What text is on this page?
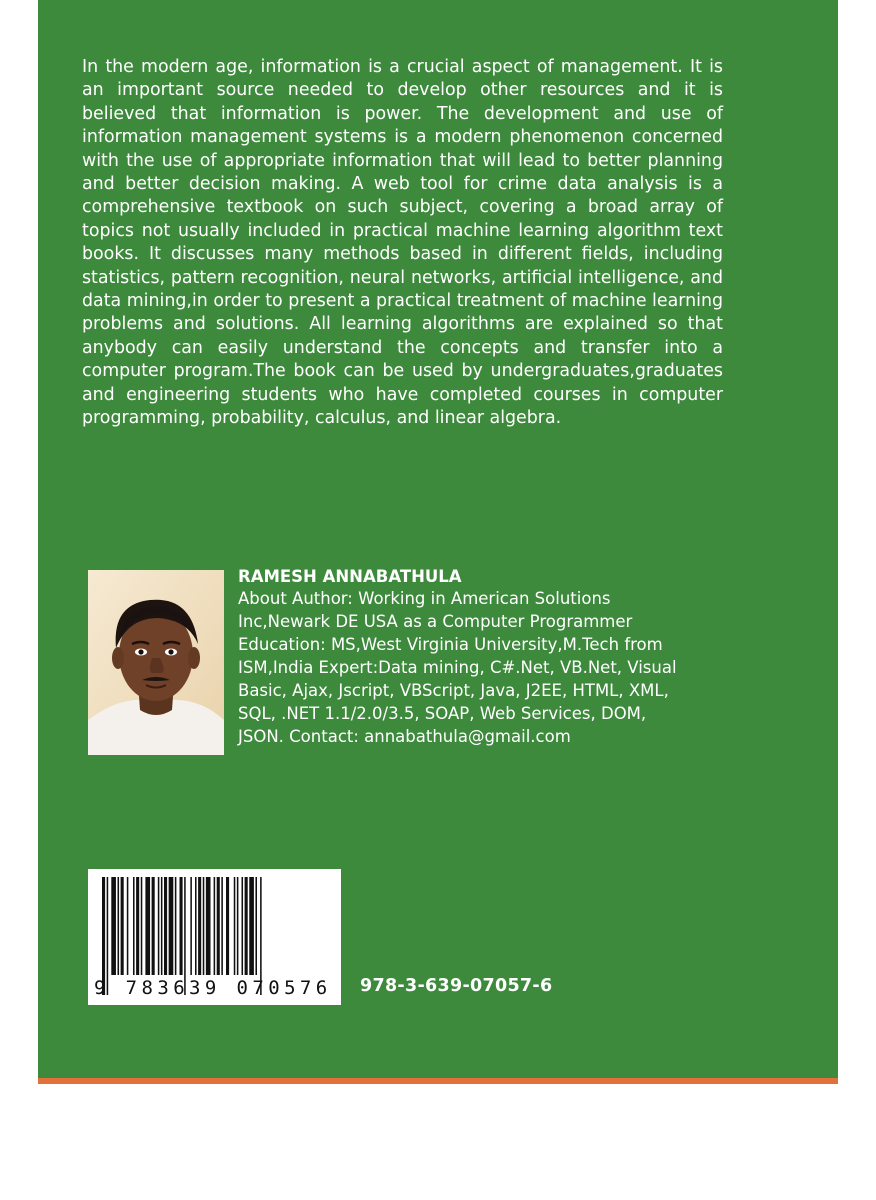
In the modern age, information is a crucial aspect of management. It is an important source needed to develop other resources and it is believed that information is power. The development and use of information management systems is a modern phenomenon concerned with the use of appropriate information that will lead to better planning and better decision making. A web tool for crime data analysis is a comprehensive textbook on such subject, covering a broad array of topics not usually included in practical machine learning algorithm text books. It discusses many methods based in different fields, including statistics, pattern recognition, neural networks, artificial intelligence, and data mining,in order to present a practical treatment of machine learning problems and solutions. All learning algorithms are explained so that anybody can easily understand the concepts and transfer into a computer program.The book can be used by undergraduates,graduates and engineering students who have completed courses in computer programming, probability, calculus, and linear algebra.

RAMESH ANNABATHULA

About Author: Working in American Solutions Inc,Newark DE USA as a Computer Programmer Education: MS,West Virginia University,M.Tech from ISM,India Expert:Data mining, C#.Net, VB.Net, Visual Basic, Ajax, Jscript, VBScript, Java, J2EE, HTML, XML, SQL, .NET 1.1/2.0/3.5, SOAP, Web Services, DOM, JSON. Contact: annabathula@gmail.com

9 783639 070576 978-3-639-07057-6
